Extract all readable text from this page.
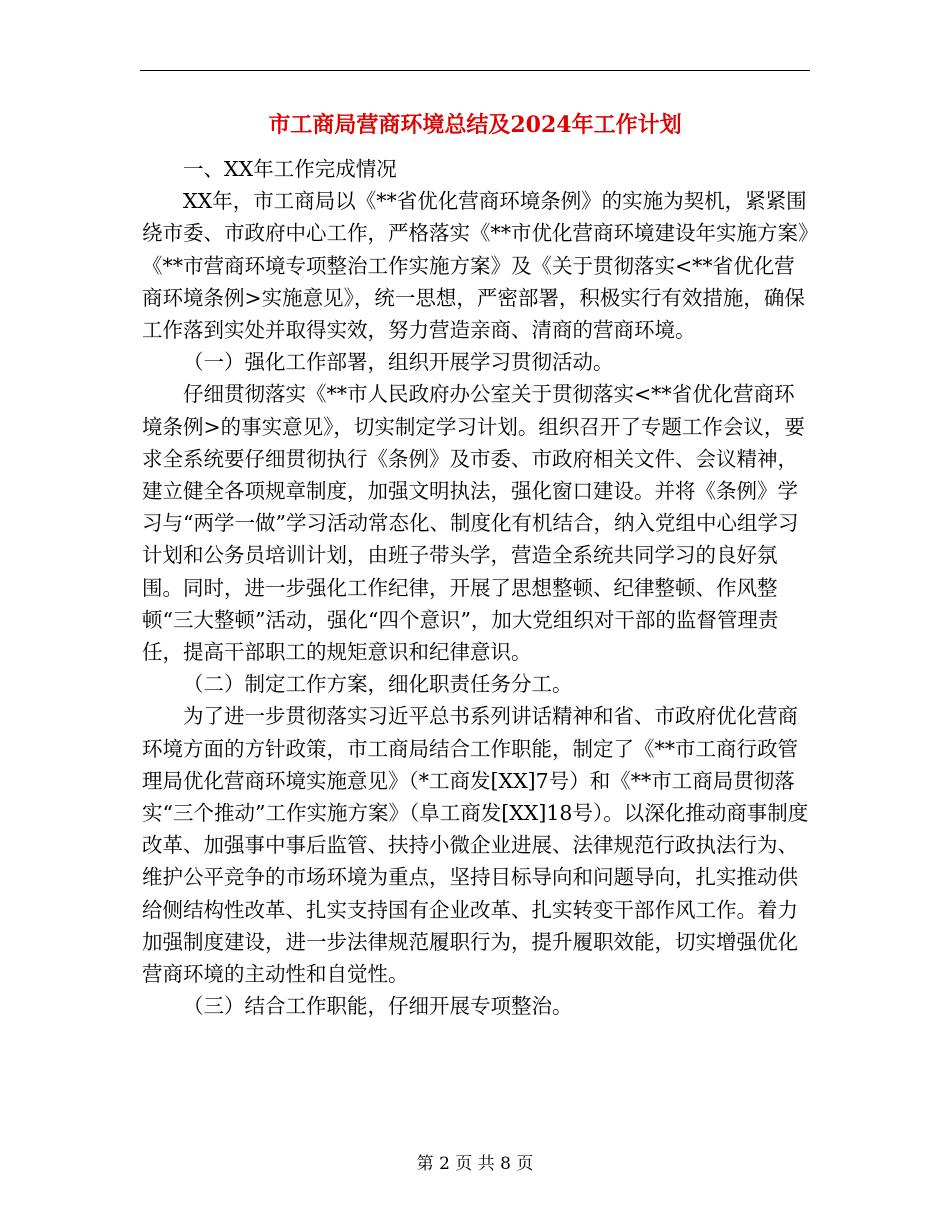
市工商局营商环境总结及2024年工作计划

一、XX年工作完成情况

XX年，市工商局以《**省优化营商环境条例》的实施为契机，紧紧围绕市委、市政府中心工作，严格落实《**市优化营商环境建设年实施方案》《**市营商环境专项整治工作实施方案》及《关于贯彻落实<**省优化营商环境条例>实施意见》，统一思想，严密部署，积极实行有效措施，确保工作落到实处并取得实效，努力营造亲商、清商的营商环境。

（一）强化工作部署，组织开展学习贯彻活动。

仔细贯彻落实《**市人民政府办公室关于贯彻落实<**省优化营商环境条例>的事实意见》，切实制定学习计划。组织召开了专题工作会议，要求全系统要仔细贯彻执行《条例》及市委、市政府相关文件、会议精神，建立健全各项规章制度，加强文明执法，强化窗口建设。并将《条例》学习与“两学一做”学习活动常态化、制度化有机结合，纳入党组中心组学习计划和公务员培训计划，由班子带头学，营造全系统共同学习的良好氛围。同时，进一步强化工作纪律，开展了思想整顿、纪律整顿、作风整顿“三大整顿”活动，强化“四个意识”，加大党组织对干部的监督管理责任，提高干部职工的规矩意识和纪律意识。

（二）制定工作方案，细化职责任务分工。

为了进一步贯彻落实习近平总书系列讲话精神和省、市政府优化营商环境方面的方针政策，市工商局结合工作职能，制定了《**市工商行政管理局优化营商环境实施意见》（*工商发[XX]7号）和《**市工商局贯彻落实“三个推动”工作实施方案》（阜工商发[XX]18号）。以深化推动商事制度改革、加强事中事后监管、扶持小微企业进展、法律规范行政执法行为、维护公平竞争的市场环境为重点，坚持目标导向和问题导向，扎实推动供给侧结构性改革、扎实支持国有企业改革、扎实转变干部作风工作。着力加强制度建设，进一步法律规范履职行为，提升履职效能，切实增强优化营商环境的主动性和自觉性。

（三）结合工作职能，仔细开展专项整治。

第 2 页 共 8 页
